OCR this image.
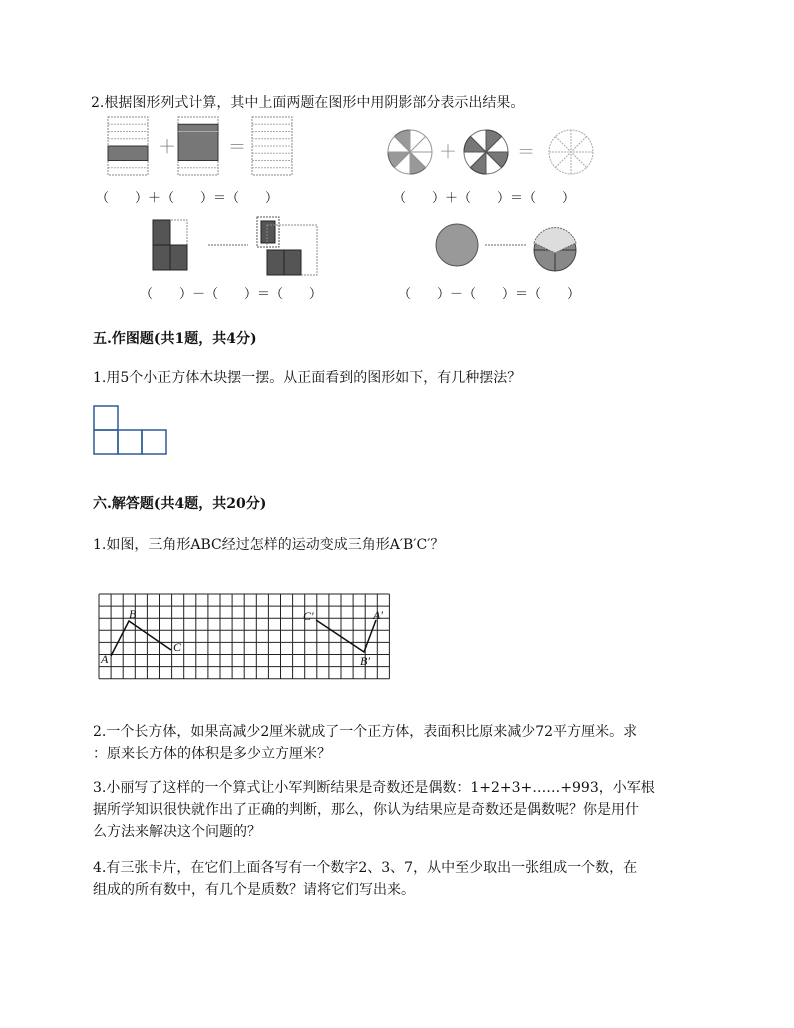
2.根据图形列式计算，其中上面两题在图形中用阴影部分表示出结果。
＋	＝
（　　）＋（　　）＝（　　）
＋	＝
（　　）＋（　　）＝（　　）
（　　）－（　　）＝（　　）	（　　）－（　　）＝（　　）
五.作图题(共1题，共4分)
1.用5个小正方体木块摆一摆。从正面看到的图形如下，有几种摆法？
六.解答题(共4题，共20分)
1.如图，三角形ABC经过怎样的运动变成三角形A′B′C′？
A
B
C
C′	A′
B′
2.一个长方体，如果高减少2厘米就成了一个正方体，表面积比原来减少72平方厘米。求
：原来长方体的体积是多少立方厘米？
3.小丽写了这样的一个算式让小军判断结果是奇数还是偶数：1+2+3+……+993，小军根
据所学知识很快就作出了正确的判断，那么，你认为结果应是奇数还是偶数呢？你是用什
么方法来解决这个问题的？
4.有三张卡片，在它们上面各写有一个数字2、3、7，从中至少取出一张组成一个数，在
组成的所有数中，有几个是质数？请将它们写出来。
